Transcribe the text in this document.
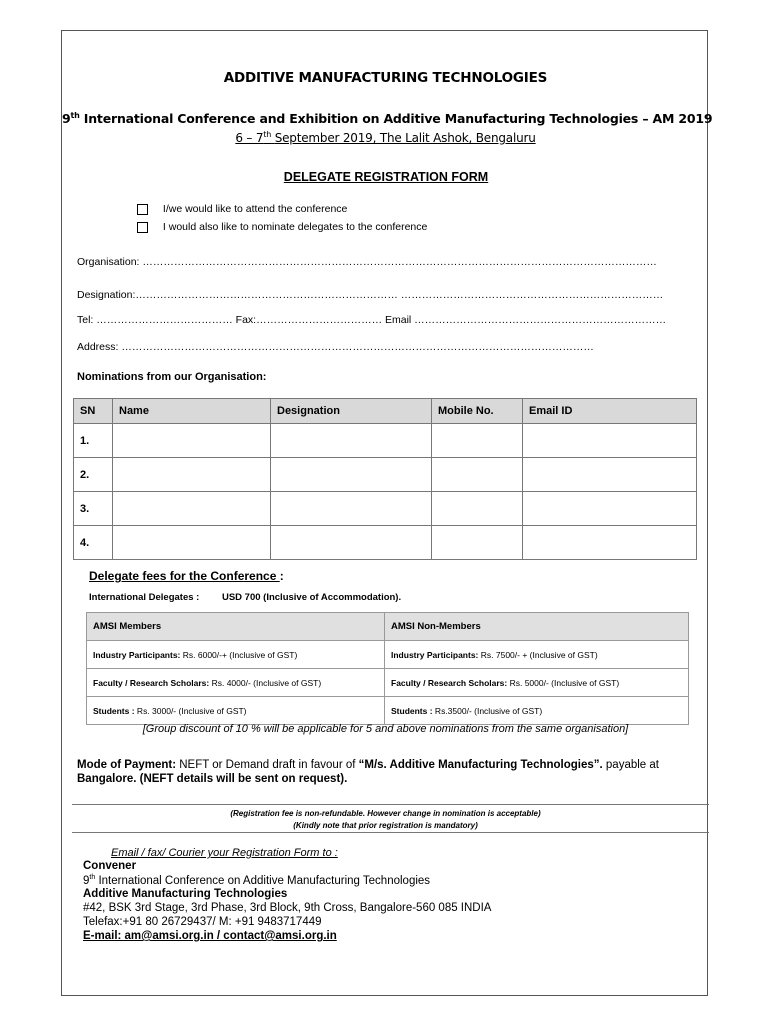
ADDITIVE MANUFACTURING TECHNOLOGIES
9th International Conference and Exhibition on Additive Manufacturing Technologies – AM 2019
6 – 7th September 2019, The Lalit Ashok, Bengaluru
DELEGATE REGISTRATION FORM
I/we would like to attend the conference
I would also like to nominate delegates to the conference
Organisation: …………………………………………………………………………………………………………………………………
Designation:………………………………………………………………… …………………………………………………………………
Tel: ………………………………… Fax:……………………………… Email ………………………………………………………………
Address: ………………………………………………………………………………………………………………………
Nominations from our Organisation:
SN	Name	Designation	Mobile No.	Email ID
1.				
2.				
3.				
4.				
Delegate fees for the Conference :
International Delegates : USD 700 (Inclusive of Accommodation).
AMSI Members	AMSI Non-Members
Industry Participants: Rs. 6000/-+ (Inclusive of GST)	Industry Participants: Rs. 7500/- + (Inclusive of GST)
Faculty / Research Scholars: Rs. 4000/- (Inclusive of GST)	Faculty / Research Scholars: Rs. 5000/- (Inclusive of GST)
Students : Rs. 3000/- (Inclusive of GST)	Students : Rs.3500/- (Inclusive of GST)
[Group discount of 10 % will be applicable for 5 and above nominations from the same organisation]
Mode of Payment: NEFT or Demand draft in favour of “M/s. Additive Manufacturing Technologies”. payable at
Bangalore. (NEFT details will be sent on request).
(Registration fee is non-refundable. However change in nomination is acceptable)
(Kindly note that prior registration is mandatory)
Email / fax/ Courier your Registration Form to :
Convener
9th International Conference on Additive Manufacturing Technologies
Additive Manufacturing Technologies
#42, BSK 3rd Stage, 3rd Phase, 3rd Block, 9th Cross, Bangalore-560 085 INDIA
Telefax:+91 80 26729437/ M: +91 9483717449
E-mail: am@amsi.org.in / contact@amsi.org.in
